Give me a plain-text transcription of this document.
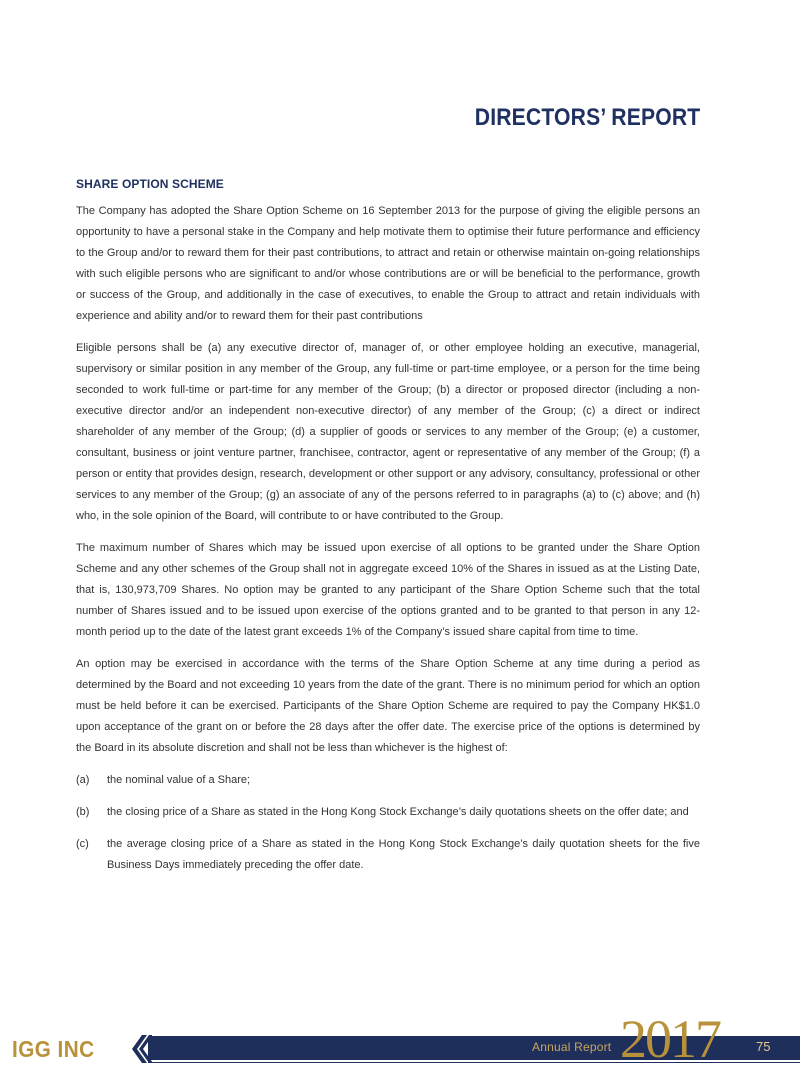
DIRECTORS’ REPORT
SHARE OPTION SCHEME

The Company has adopted the Share Option Scheme on 16 September 2013 for the purpose of giving the eligible persons an opportunity to have a personal stake in the Company and help motivate them to optimise their future performance and efficiency to the Group and/or to reward them for their past contributions, to attract and retain or otherwise maintain on-going relationships with such eligible persons who are significant to and/or whose contributions are or will be beneficial to the performance, growth or success of the Group, and additionally in the case of executives, to enable the Group to attract and retain individuals with experience and ability and/or to reward them for their past contributions

Eligible persons shall be (a) any executive director of, manager of, or other employee holding an executive, managerial, supervisory or similar position in any member of the Group, any full-time or part-time employee, or a person for the time being seconded to work full-time or part-time for any member of the Group; (b) a director or proposed director (including a non-executive director and/or an independent non-executive director) of any member of the Group; (c) a direct or indirect shareholder of any member of the Group; (d) a supplier of goods or services to any member of the Group; (e) a customer, consultant, business or joint venture partner, franchisee, contractor, agent or representative of any member of the Group; (f) a person or entity that provides design, research, development or other support or any advisory, consultancy, professional or other services to any member of the Group; (g) an associate of any of the persons referred to in paragraphs (a) to (c) above; and (h) who, in the sole opinion of the Board, will contribute to or have contributed to the Group.

The maximum number of Shares which may be issued upon exercise of all options to be granted under the Share Option Scheme and any other schemes of the Group shall not in aggregate exceed 10% of the Shares in issued as at the Listing Date, that is, 130,973,709 Shares. No option may be granted to any participant of the Share Option Scheme such that the total number of Shares issued and to be issued upon exercise of the options granted and to be granted to that person in any 12-month period up to the date of the latest grant exceeds 1% of the Company’s issued share capital from time to time.

An option may be exercised in accordance with the terms of the Share Option Scheme at any time during a period as determined by the Board and not exceeding 10 years from the date of the grant. There is no minimum period for which an option must be held before it can be exercised. Participants of the Share Option Scheme are required to pay the Company HK$1.0 upon acceptance of the grant on or before the 28 days after the offer date. The exercise price of the options is determined by the Board in its absolute discretion and shall not be less than whichever is the highest of:

(a)	the nominal value of a Share;
(b)	the closing price of a Share as stated in the Hong Kong Stock Exchange’s daily quotations sheets on the offer date; and
(c)	the average closing price of a Share as stated in the Hong Kong Stock Exchange’s daily quotation sheets for the five Business Days immediately preceding the offer date.
IGG INC	Annual Report 2017	75
